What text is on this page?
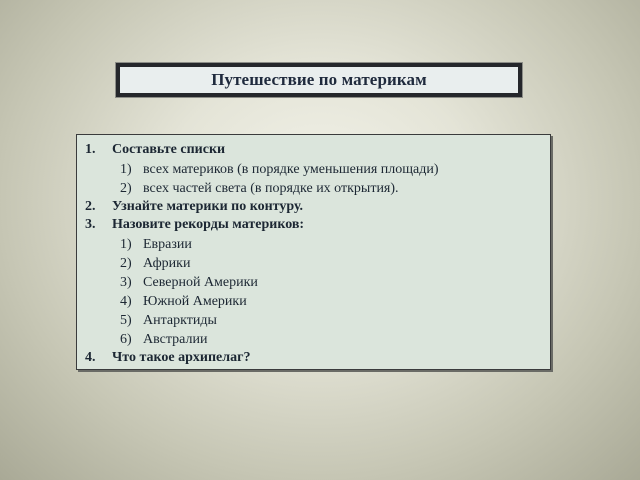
Путешествие по материкам
1. Составьте списки
1) всех материков (в порядке уменьшения площади)
2) всех частей света (в порядке их открытия).
2. Узнайте материки по контуру.
3. Назовите рекорды материков:
1) Евразии
2) Африки
3) Северной Америки
4) Южной Америки
5) Антарктиды
6) Австралии
4. Что такое архипелаг?
